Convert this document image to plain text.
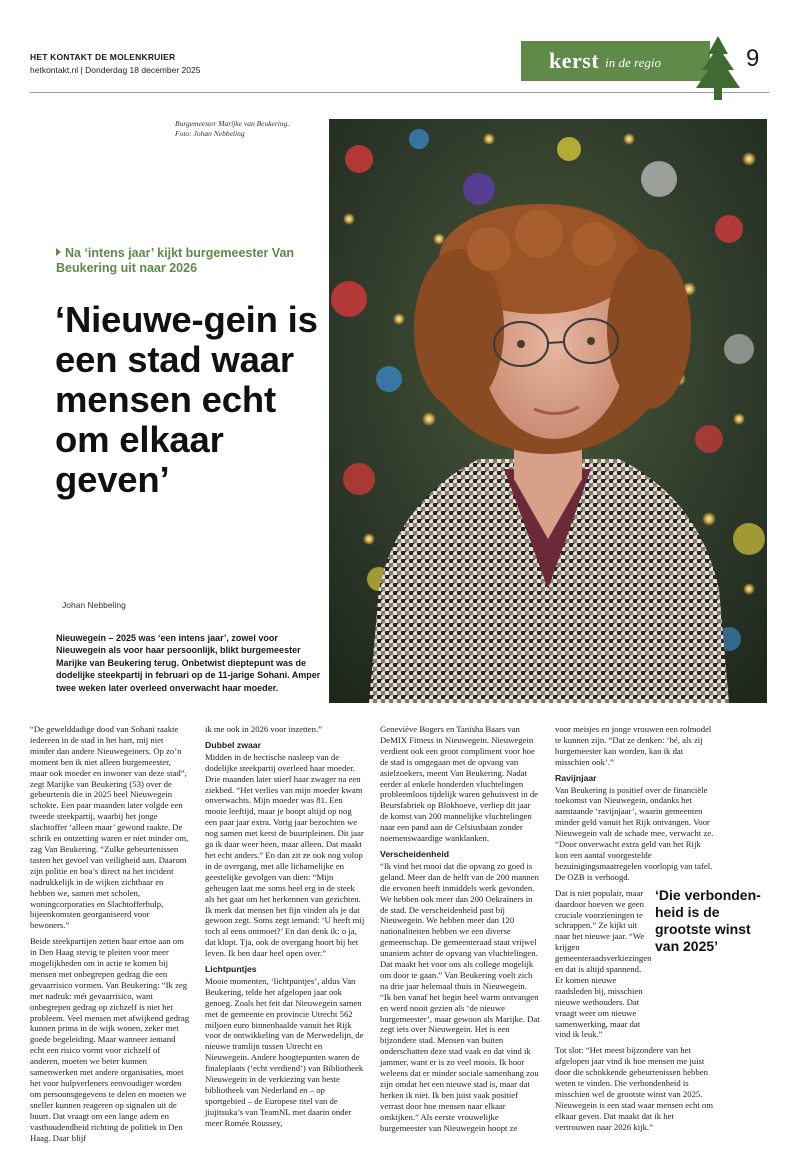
HET KONTAKT DE MOLENKRUIER
hetkontakt.nl | Donderdag 18 december 2025	kerst in de regio	9
Burgemeester Marijke van Beukering.
Foto: Johan Nebbeling
Na ‘intens jaar’ kijkt burgemeester Van Beukering uit naar 2026
‘Nieuwe-gein is een stad waar mensen echt om elkaar geven’
Johan Nebbeling
Nieuwegein – 2025 was ‘een intens jaar’, zowel voor Nieuwegein als voor haar persoonlijk, blikt burgemeester Marijke van Beukering terug. Onbetwist dieptepunt was de dodelijke steekpartij in februari op de 11-jarige Sohani. Amper twee weken later overleed onverwacht haar moeder.

“De gewelddadige dood van Sohani raakte iedereen in de stad in het hart, mij niet minder dan andere Nieuwegeiners. Op zo’n moment ben ik niet alleen burgemeester, maar ook moeder en inwoner van deze stad”, zegt Marijke van Beukering (53) over de gebeurtenis die in 2025 heel Nieuwegein schokte. Een paar maanden later volgde een tweede steekpartij, waarbij het jonge slachtoffer ‘alleen maar’ gewond raakte. De schrik en ontzetting waren er niet minder om, zag Van Beukering. “Zulke gebeurtenissen tasten het gevoel van veiligheid aan. Daarom zijn politie en boa’s direct na het incident nadrukkelijk in de wijken zichtbaar en hebben we, samen met scholen, woningcorporaties en Slachtofferhulp, bijeenkomsten georganiseerd voor bewoners.”

Beide steekpartijen zetten haar ertoe aan om in Den Haag stevig te pleiten voor meer mogelijkheden om in actie te komen bij mensen met onbegrepen gedrag die een gevaarrisico vormen. Van Beukering: “Ik zeg met nadruk: mét gevaarrisico, want onbegrepen gedrag op zichzelf is niet het probleem. Veel mensen met afwijkend gedrag kunnen prima in de wijk wonen, zeker met goede begeleiding. Maar wanneer iemand echt een risico vormt voor zichzelf of anderen, moeten we beter kunnen samenwerken met andere organisaties, moet het voor hulpverleners eenvoudiger worden om persoonsgegevens te delen en moeten we sneller kunnen reageren op signalen uit de buurt. Dat vraagt om een lange adem en vasthoudendheid richting de politiek in Den Haag. Daar blijf

ik me ook in 2026 voor inzetten.”

Dubbel zwaar

Midden in de hectische nasleep van de dodelijke steekpartij overleed haar moeder. Drie maanden later stierf haar zwager na een ziekbed. “Het verlies van mijn moeder kwam onverwachts. Mijn moeder was 81. Een mooie leeftijd, maar je hoopt altijd op nog een paar jaar extra. Vorig jaar bezochten we nog samen met kerst de buurtpleinen. Dit jaar ga ik daar weer heen, maar alleen. Dat maakt het echt anders.” En dan zit ze ook nog volop in de overgang, met alle lichamelijke en geestelijke gevolgen van dien: “Mijn geheugen laat me soms heel erg in de steek als het gaat om het herkennen van gezichten. Ik merk dat mensen het fijn vinden als je dat gewoon zegt. Soms zegt iemand: ‘U heeft mij toch al eens ontmoet?’ En dan denk ik: o ja, dat klopt. Tja, ook de overgang hoort bij het leven. Ik ben daar heel open over.”

Lichtpuntjes

Mooie momenten, ‘lichtpuntjes’, aldus Van Beukering, telde het afgelopen jaar ook genoeg. Zoals het feit dat Nieuwegein samen met de gemeente en provincie Utrecht 562 miljoen euro binnenhaalde vanuit het Rijk voor de ontwikkeling van de Merwedelijn, de nieuwe tramlijn tussen Utrecht en Nieuwegein. Andere hoogtepunten waren de finaleplaats (‘echt verdiend’) van Bibliotheek Nieuwegein in de verkiezing van beste bibliotheek van Nederland en – op sportgebied – de Europese titel van de jiujitsuka’s van TeamNL met daarin onder meer Romée Roussey,

Geneviève Bogers en Tanisha Baars van DeMIX Fitness in Nieuwegein. Nieuwegein verdient ook een groot compliment voor hoe de stad is omgegaan met de opvang van asielzoekers, meent Van Beukering. Nadat eerder al enkele honderden vluchtelingen probleemloos tijdelijk waren gehuisvest in de Beursfabriek op Blokhoeve, verliep dit jaar de komst van 200 mannelijke vluchtelingen naar een pand aan de Celsiusbaan zonder noemenswaardige wanklanken.

Verscheidenheid

“Ik vind het mooi dat die opvang zo goed is geland. Meer dan de helft van de 200 mannen die ervonen heeft inmiddels werk gevonden. We hebben ook meer dan 200 Oekraïners in de stad. De verscheidenheid past bij Nieuwegein. We hebben meer dan 120 nationaliteiten hebben we een diverse gemeenschap. De gemeenteraad staat vrijwel unaniem achter de opvang van vluchtelingen. Dat maakt het voor ons als college mogelijk om door te gaan.” Van Beukering voelt zich na drie jaar helemaal thuis in Nieuwegein. “Ik ben vanaf het begin heel warm ontvangen en werd nooit gezien als ‘de nieuwe burgemeester’, maar gewoon als Marijke. Dat zegt iets over Nieuwegein. Het is een bijzondere stad. Mensen van buiten onderschatten deze stad vaak en dat vind ik jammer, want er is zo veel moois. Ik hoor weleens dat er minder sociale samenhang zou zijn omdat het een nieuwe stad is, maar dat herken ik niet. Ik ben juist vaak positief verrast door hoe mensen naar elkaar omkijken.” Als eerste vrouwelijke burgemeester van Nieuwegein hoopt ze

voor meisjes en jonge vrouwen een rolmodel te kunnen zijn. “Dat ze denken: ‘hé, als zij burgemeester kan worden, kan ik dat misschien ook’.”

Ravijnjaar

Van Beukering is positief over de financiële toekomst van Nieuwegein, ondanks het aanstaande ‘ravijnjaar’, waarin gemeenten minder geld vanuit het Rijk ontvangen. Voor Nieuwegein valt de schade mee, verwacht ze. “Door onverwacht extra geld van het Rijk kon een aantal voorgestelde bezuinigingsmaatregelen voorlopig van tafel. De OZB is verhoogd.

Dat is niet populair, maar daardoor hoeven we geen cruciale voorzieningen te schrappen.” Ze kijkt uit naar het nieuwe jaar. “We krijgen gemeenteraadsverkiezingen en dat is altijd spannend. Er komen nieuwe raadsleden bij, misschien nieuwe wethouders. Dat vraagt weer om nieuwe samenwerking, maar dat vind ik leuk.”

Tot slot: “Het meest bijzondere van het afgelopen jaar vind ik hoe mensen me juist door die schokkende gebeurtenissen hebben weten te vinden. Die verbondenheid is misschien wel de grootste winst van 2025. Nieuwegein is een stad waar mensen echt om elkaar geven. Dat maakt dat ik het vertrouwen naar 2026 kijk.”

‘Die verbonden-heid is de grootste winst van 2025’
